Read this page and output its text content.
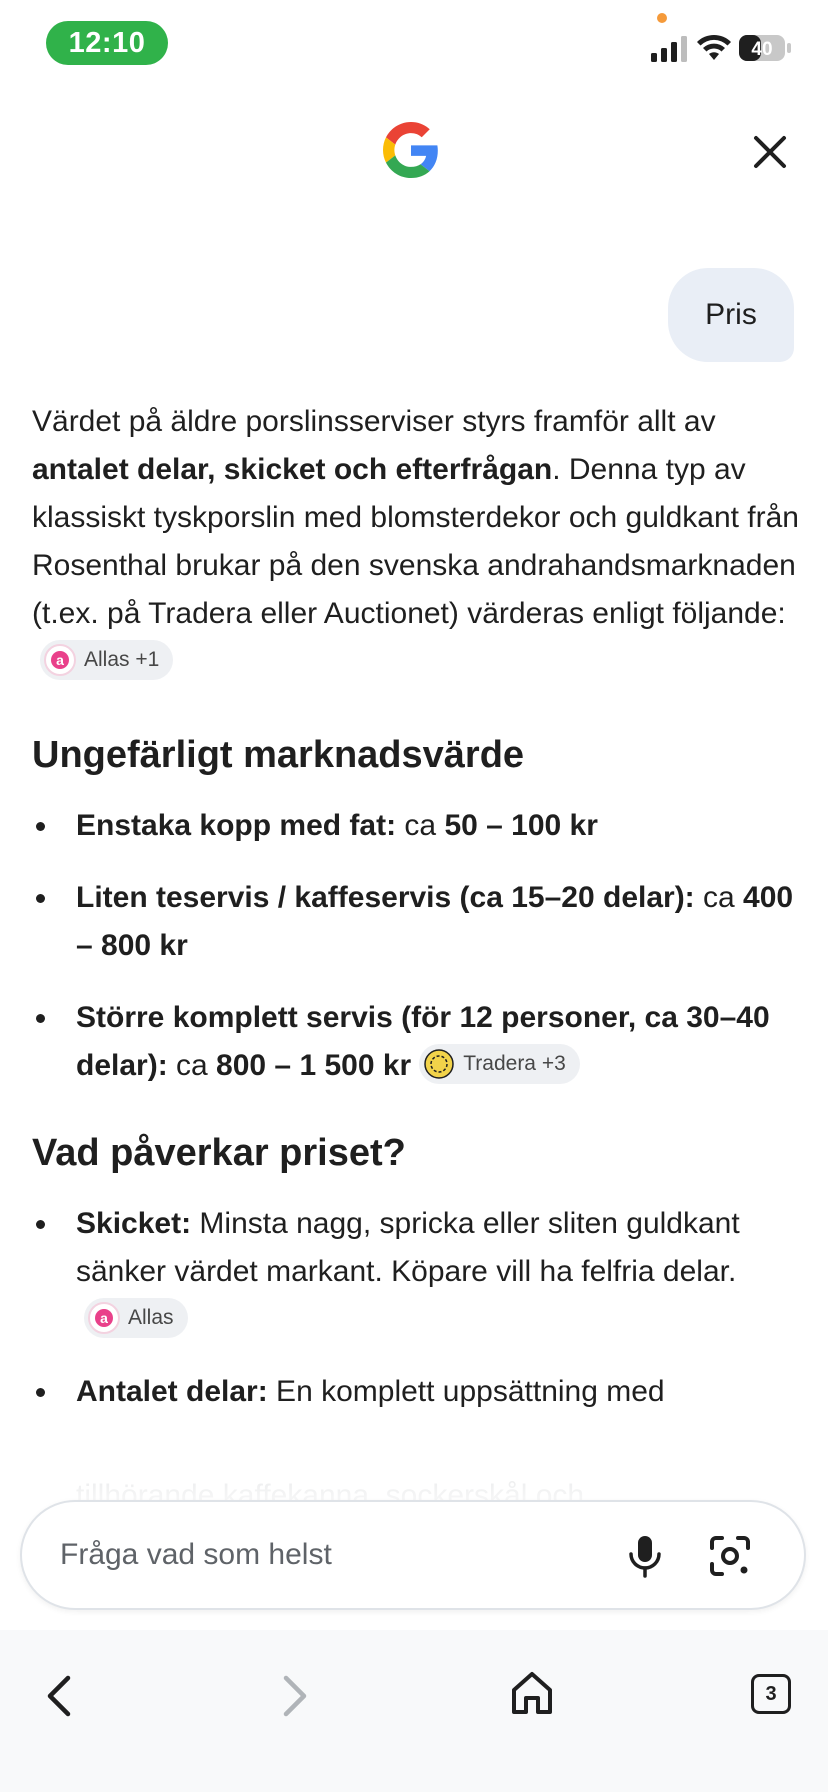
12:10	40
Pris

Värdet på äldre porslinsserviser styrs framför allt av antalet delar, skicket och efterfrågan. Denna typ av klassiskt tyskporslin med blomsterdekor och guldkant från Rosenthal brukar på den svenska andrahandsmarknaden (t.ex. på Tradera eller Auctionet) värderas enligt följande:
a Allas +1

Ungefärligt marknadsvärde
Enstaka kopp med fat: ca 50 – 100 kr
Liten teservis / kaffeservis (ca 15–20 delar): ca 400 – 800 kr
Större komplett servis (för 12 personer, ca 30–40 delar): ca 800 – 1 500 kr Tradera +3
Vad påverkar priset?
Skicket: Minsta nagg, spricka eller sliten guldkant sänker värdet markant. Köpare vill ha felfria delar.
a Allas
Antalet delar: En komplett uppsättning med
Fråga vad som helst
3
